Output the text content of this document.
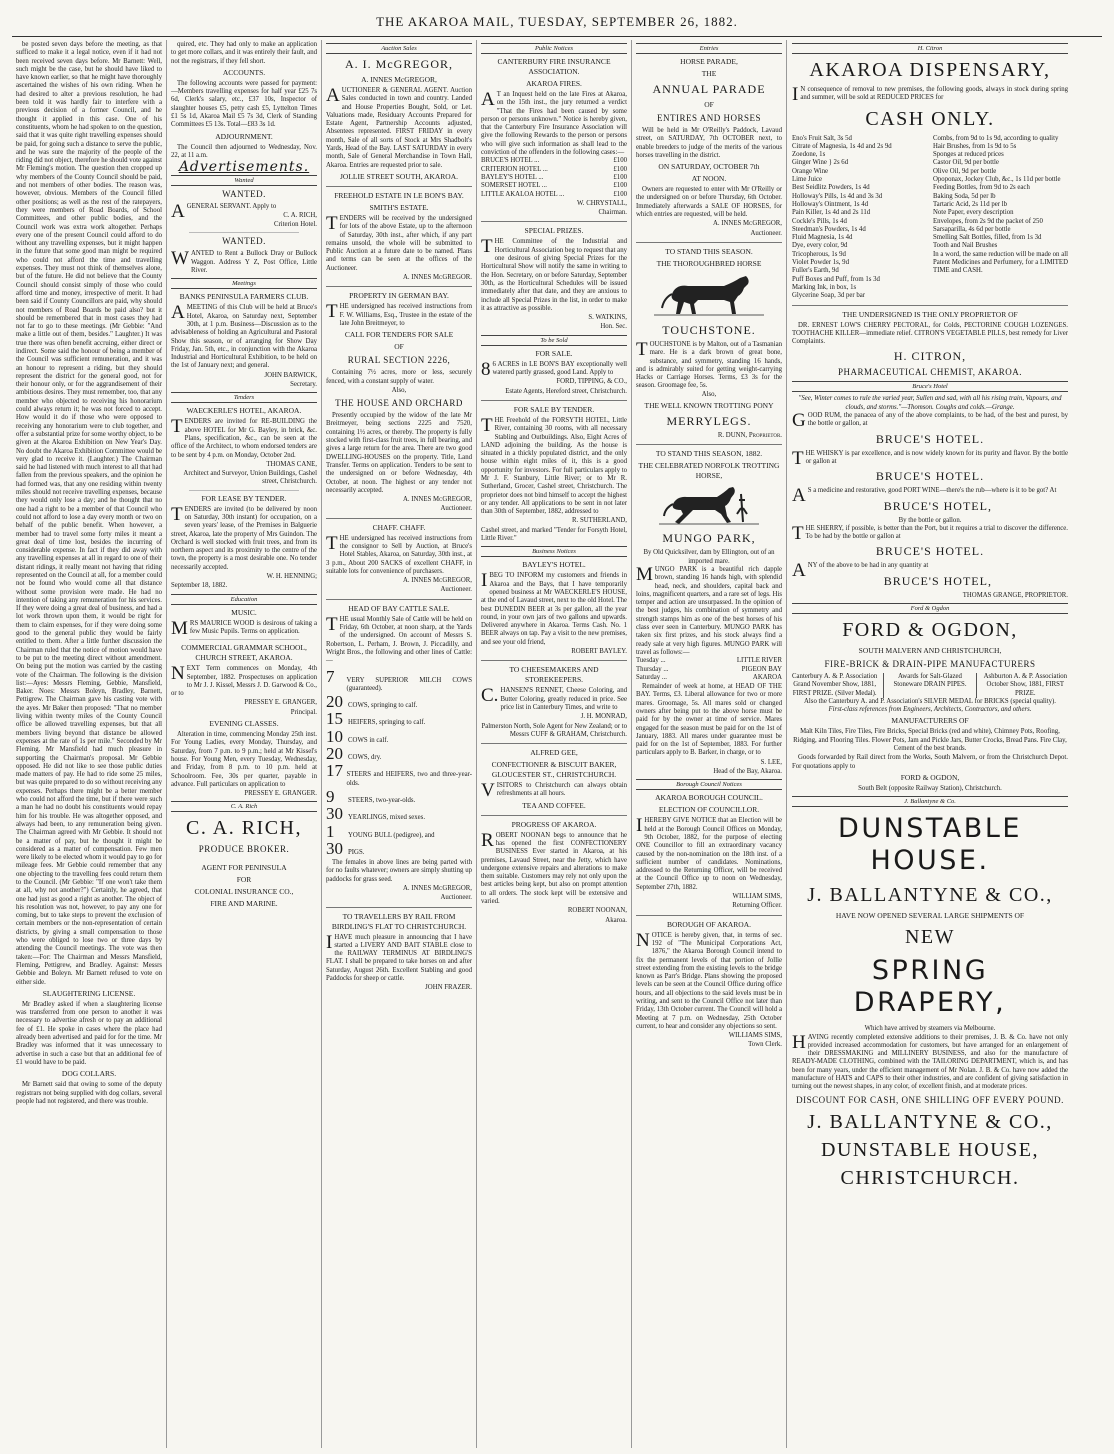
THE AKAROA MAIL, TUESDAY, SEPTEMBER 26, 1882.

be posted seven days before the meeting, as that sufficed to make it a legal notice, even if it had not been received seven days before. Mr Barnett: Well, such might be the case, but he should have liked to have known earlier, so that he might have thoroughly ascertained the wishes of his own riding. When he had desired to alter a previous resolution, he had been told it was hardly fair to interfere with a previous decision of a former Council, and he thought it applied in this case. One of his constituents, whom he had spoken to on the question, said that it was quite right travelling expenses should be paid, for going such a distance to serve the public, and he was sure the majority of the people of the riding did not object, therefore he should vote against Mr Fleming's motion. The question then cropped up why members of the County Council should be paid, and not members of other bodies. The reason was, however, obvious. Members of the Council filled other positions; as well as the rest of the ratepayers, they were members of Road Boards, of School Committees, and other public bodies, and the Council work was extra work altogether. Perhaps every one of the present Council could afford to do without any travelling expenses, but it might happen in the future that some good man might be required who could not afford the time and travelling expenses. They must not think of themselves alone, but of the future. He did not believe that the County Council should consist simply of those who could afford time and money, irrespective of merit. It had been said if County Councillors are paid, why should not members of Road Boards be paid also? but it should be remembered that in most cases they had not far to go to these meetings. (Mr Gebbie: "And make a little out of them, besides." Laughter.) It was true there was often benefit accruing, either direct or indirect. Some said the honour of being a member of the Council was sufficient remuneration, and it was an honour to represent a riding, but they should represent the district for the general good, not for their honour only, or for the aggrandisement of their ambitious desires. They must remember, too, that any member who objected to receiving his honorarium could always return it; he was not forced to accept. How would it do if those who were opposed to receiving any honorarium were to club together, and offer a substantial prize for some worthy object, to be given at the Akaroa Exhibition on New Year's Day. No doubt the Akaroa Exhibition Committee would be very glad to receive it. (Laughter.) The Chairman said he had listened with much interest to all that had fallen from the previous speakers, and the opinion he had formed was, that any one residing within twenty miles should not receive travelling expenses, because they would only lose a day; and he thought that no one had a right to be a member of that Council who could not afford to lose a day every month or two on behalf of the public benefit. When however, a member had to travel some forty miles it meant a great deal of time lost, besides the incurring of considerable expense. In fact if they did away with any travelling expenses at all in regard to one of their distant ridings, it really meant not having that riding represented on the Council at all, for a member could not be found who would come all that distance without some provision were made. He had no intention of taking any remuneration for his services. If they were doing a great deal of business, and had a lot work thrown upon them, it would be right for them to claim expenses, for if they were doing some good to the general public they would be fairly entitled to them. After a little further discussion the Chairman ruled that the notice of motion would have to be put to the meeting direct without amendment. On being put the motion was carried by the casting vote of the Chairman. The following is the division list:—Ayes: Messrs Fleming, Gebbie, Mansfield, Baker. Noes: Messrs Boleyn, Bradley, Barnett, Pettigrew. The Chairman gave his casting vote with the ayes. Mr Baker then proposed: "That no member living within twenty miles of the County Council office be allowed travelling expenses, but that all members living beyond that distance be allowed expenses at the rate of 1s per mile." Seconded by Mr Fleming. Mr Mansfield had much pleasure in supporting the Chairman's proposal. Mr Gebbie opposed. He did not like to see those public duties made matters of pay. He had to ride some 25 miles, but was quite prepared to do so without receiving any expenses. Perhaps there might be a better member who could not afford the time, but if there were such a man he had no doubt his constituents would repay him for his trouble. He was altogether opposed, and always had been, to any remuneration being given. The Chairman agreed with Mr Gebbie. It should not be a matter of pay, but he thought it might be considered as a matter of compensation. Few men were likely to be elected whom it would pay to go for mileage fees. Mr Gebbie could remember that any one objecting to the travelling fees could return them to the Council. (Mr Gebbie: "If one won't take them at all, why not another?") Certainly, he agreed, that one had just as good a right as another. The object of his resolution was not, however, to pay any one for coming, but to take steps to prevent the exclusion of certain members or the non-representation of certain districts, by giving a small compensation to those who were obliged to lose two or three days by attending the Council meetings. The vote was then taken:—For: The Chairman and Messrs Mansfield, Fleming, Pettigrew, and Bradley. Against: Messrs Gebbie and Boleyn. Mr Barnett refused to vote on either side.

SLAUGHTERING LICENSE.

Mr Bradley asked if when a slaughtering license was transferred from one person to another it was necessary to advertise afresh or to pay an additional fee of £1. He spoke in cases where the place had already been advertised and paid for for the time. Mr Bradley was informed that it was unnecessary to advertise in such a case but that an additional fee of £1 would have to be paid.

DOG COLLARS.

Mr Barnett said that owing to some of the deputy registrars not being supplied with dog collars, several people had not registered, and there was trouble.

quired, etc. They had only to make an application to get more collars, and it was entirely their fault, and not the registrars, if they fell short.

ACCOUNTS.

The following accounts were passed for payment:—Members travelling expenses for half year £25 7s 6d, Clerk's salary, etc., £37 10s, Inspector of slaughter houses £5, petty cash £5, Lyttelton Times £1 5s 1d, Akaroa Mail £5 7s 3d, Clerk of Standing Committees £5 13s. Total—£83 3s 1d.

ADJOURNMENT.

The Council then adjourned to Wednesday, Nov. 22, at 11 a.m.

Advertisements.
Wanted
WANTED.

AGENERAL SERVANT. Apply to

C. A. RICH,
Criterion Hotel.
WANTED.

WANTED to Rent a Bullock Dray or Bullock Waggon. Address Y Z, Post Office, Little River.

Meetings
BANKS PENINSULA FARMERS CLUB.

AMEETING of this Club will be held at Bruce's Hotel, Akaroa, on Saturday next, September 30th, at 1 p.m. Business—Discussion as to the advisableness of holding an Agricultural and Pastoral Show this season, or of arranging for Show Day Friday, Jan. 5th, etc., in conjunction with the Akaroa Industrial and Horticultural Exhibition, to be held on the 1st of January next; and general.

JOHN BARWICK,
Secretary.
Tenders
WAECKERLE'S HOTEL, AKAROA.

TENDERS are invited for RE-BUILDING the above HOTEL for Mr G. Bayley, in brick, &c. Plans, specification, &c., can be seen at the office of the Architect, to whom endorsed tenders are to be sent by 4 p.m. on Monday, October 2nd.

THOMAS CANE,
Architect and Surveyor, Union Buildings, Cashel street, Christchurch.
FOR LEASE BY TENDER.

TENDERS are invited (to be delivered by noon on Saturday, 30th instant) for occupation, on a seven years' lease, of the Premises in Balguerie street, Akaroa, late the property of Mrs Guindon. The Orchard is well stocked with fruit trees, and from its northern aspect and its proximity to the centre of the town, the property is a most desirable one. No tender necessarily accepted.

W. H. HENNING;
September 18, 1882.
Education
MUSIC.

MRS MAURICE WOOD is desirous of taking a few Music Pupils. Terms on application.

COMMERCIAL GRAMMAR SCHOOL, CHURCH STREET, AKAROA.

NEXT Term commences on Monday, 4th September, 1882. Prospectuses on application to Mr J. J. Kissel, Messrs J. D. Garwood & Co., or to

PRESSEY E. GRANGER,
Principal.
EVENING CLASSES.

Alteration in time, commencing Monday 25th inst. For Young Ladies, every Monday, Thursday, and Saturday, from 7 p.m. to 9 p.m.; held at Mr Kissel's house. For Young Men, every Tuesday, Wednesday, and Friday, from 8 p.m. to 10 p.m. held at Schoolroom. Fee, 30s per quarter, payable in advance. Full particulars on application to

PRESSEY E. GRANGER.
C. A. Rich
C. A. RICH,
PRODUCE BROKER.
AGENT FOR PENINSULA
FOR
COLONIAL INSURANCE CO.,
FIRE AND MARINE.
Auction Sales
A. I. McGREGOR,
A. INNES McGREGOR,

AUCTIONEER & GENERAL AGENT. Auction Sales conducted in town and country. Landed and House Properties Bought, Sold, or Let. Valuations made, Residuary Accounts Prepared for Estate Agent, Partnership Accounts adjusted, Absentees represented. FIRST FRIDAY in every month, Sale of all sorts of Stock at Mrs Shadbolt's Yards, Head of the Bay. LAST SATURDAY in every month, Sale of General Merchandise in Town Hall, Akaroa. Entries are requested prior to sale.

JOLLIE STREET SOUTH, AKAROA.
FREEHOLD ESTATE IN LE BON'S BAY.
SMITH'S ESTATE.

TENDERS will be received by the undersigned for lots of the above Estate, up to the afternoon of Saturday, 30th inst., after which, if any part remains unsold, the whole will be submitted to Public Auction at a future date to be named. Plans and terms can be seen at the offices of the Auctioneer.

A. INNES McGREGOR.
PROPERTY IN GERMAN BAY.

THE undersigned has received instructions from F. W. Williams, Esq., Trustee in the estate of the late John Breitmeyer, to

CALL FOR TENDERS FOR SALE
OF
RURAL SECTION 2226,

Containing 7½ acres, more or less, securely fenced, with a constant supply of water.

Also,
THE HOUSE AND ORCHARD

Presently occupied by the widow of the late Mr Breitmeyer, being sections 2225 and 7520, containing 1½ acres, or thereby. The property is fully stocked with first-class fruit trees, in full bearing, and gives a large return for the area. There are two good DWELLING-HOUSES on the property. Title, Land Transfer. Terms on application. Tenders to be sent to the undersigned on or before Wednesday, 4th October, at noon. The highest or any tender not necessarily accepted.

A. INNES McGREGOR,
Auctioneer.
CHAFF. CHAFF.

THE undersigned has received instructions from the consignor to Sell by Auction, at Bruce's Hotel Stables, Akaroa, on Saturday, 30th inst., at 3 p.m., About 200 SACKS of excellent CHAFF, in suitable lots for convenience of purchasers.

A. INNES McGREGOR,
Auctioneer.
HEAD OF BAY CATTLE SALE.

THE usual Monthly Sale of Cattle will be held on Friday, 6th October, at noon sharp, at the Yards of the undersigned. On account of Messrs S. Robertson, L. Perham, J. Brown, J. Piccadilly, and Wright Bros., the following and other lines of Cattle:—

7	VERY SUPERIOR MILCH COWS (guaranteed).
20 COWS, springing to calf.
15 HEIFERS, springing to calf.
10 COWS in calf.
20 COWS, dry.
17 STEERS and HEIFERS, two and three-year-olds.
9	STEERS, two-year-olds.
30 YEARLINGS, mixed sexes.
1	YOUNG BULL (pedigree), and
30 PIGS.

The females in above lines are being parted with for no faults whatever; owners are simply shutting up paddocks for grass seed.

A. INNES McGREGOR,
Auctioneer.
TO TRAVELLERS BY RAIL FROM BIRDLING'S FLAT TO CHRISTCHURCH.

IHAVE much pleasure in announcing that I have started a LIVERY AND BAIT STABLE close to the RAILWAY TERMINUS AT BIRDLING'S FLAT. I shall be prepared to take horses on and after Saturday, August 26th. Excellent Stabling and good Paddocks for sheep or cattle.

JOHN FRAZER.
Public Notices
CANTERBURY FIRE INSURANCE ASSOCIATION.
AKAROA FIRES.

AT an Inquest held on the late Fires at Akaroa, on the 15th inst., the jury returned a verdict "That the Fires had been caused by some person or persons unknown." Notice is hereby given, that the Canterbury Fire Insurance Association will give the following Rewards to the person or persons who will give such information as shall lead to the conviction of the offenders in the following cases:—

BRUCE'S HOTEL ...	£100
CRITERION HOTEL ...	£100
BAYLEY'S HOTEL ...	£100
SOMERSET HOTEL ...	£100
LITTLE AKALOA HOTEL ...	£100
W. CHRYSTALL,
Chairman.
SPECIAL PRIZES.

THE Committee of the Industrial and Horticultural Association beg to request that any one desirous of giving Special Prizes for the Horticultural Show will notify the same in writing to the Hon. Secretary, on or before Saturday, September 30th, as the Horticultural Schedules will be issued immediately after that date, and they are anxious to include all Special Prizes in the list, in order to make it as attractive as possible.

S. WATKINS,
Hon. Sec.
To be Sold
FOR SALE.

86 ACRES in LE BON'S BAY exceptionally well watered partly grassed, good Land. Apply to

FORD, TIPPING, & CO.,
Estate Agents, Hereford street, Christchurch.
FOR SALE BY TENDER.

THE Freehold of the FORSYTH HOTEL, Little River, containing 30 rooms, with all necessary Stabling and Outbuildings. Also, Eight Acres of LAND adjoining the building. As the house is situated in a thickly populated district, and the only house within eight miles of it, this is a good opportunity for investors. For full particulars apply to Mr J. F. Stanbury, Little River; or to Mr R. Sutherland, Grocer, Cashel street, Christchurch. The proprietor does not bind himself to accept the highest or any tender. All applications to be sent in not later than 30th of September, 1882, addressed to

R. SUTHERLAND,
Cashel street, and marked "Tender for Forsyth Hotel, Little River."
Business Notices
BAYLEY'S HOTEL.

IBEG TO INFORM my customers and friends in Akaroa and the Bays, that I have temporarily opened business at Mr WAECKERLE'S HOUSE, at the end of Lavaud street, next to the old Hotel. The best DUNEDIN BEER at 3s per gallon, all the year round, in your own jars of two gallons and upwards. Delivered anywhere in Akaroa. Terms Cash. No. 1 BEER always on tap. Pay a visit to the new premises, and see your old friend,

ROBERT BAYLEY.
TO CHEESEMAKERS AND STOREKEEPERS.

C.HANSEN'S RENNET, Cheese Coloring, and Butter Coloring, greatly reduced in price. See price list in Canterbury Times, and write to

J. H. MONRAD,
Palmerston North, Sole Agent for New Zealand; or to Messrs CUFF & GRAHAM, Christchurch.
ALFRED GEE,
CONFECTIONER & BISCUIT BAKER, GLOUCESTER ST., CHRISTCHURCH.

VISITORS to Christchurch can always obtain refreshments at all hours.

TEA AND COFFEE.
PROGRESS OF AKAROA.

ROBERT NOONAN begs to announce that he has opened the first CONFECTIONERY BUSINESS Ever started in Akaroa, at his premises, Lavaud Street, near the Jetty, which have undergone extensive repairs and alterations to make them suitable. Customers may rely not only upon the best articles being kept, but also on prompt attention to all orders. The stock kept will be extensive and varied.

ROBERT NOONAN,
Akaroa.
Entries
HORSE PARADE,
THE
ANNUAL PARADE
OF
ENTIRES AND HORSES

Will be held in Mr O'Reilly's Paddock, Lavaud street, on SATURDAY, 7th OCTOBER next, to enable breeders to judge of the merits of the various horses travelling in the district.

ON SATURDAY, OCTOBER 7th
AT NOON.

Owners are requested to enter with Mr O'Reilly or the undersigned on or before Thursday, 6th October. Immediately afterwards a SALE OF HORSES, for which entries are requested, will be held.

A. INNES McGREGOR,
Auctioneer.
TO STAND THIS SEASON.
THE THOROUGHBRED HORSE
TOUCHSTONE.

TOUCHSTONE is by Malton, out of a Tasmanian mare. He is a dark brown of great bone, substance, and symmetry, standing 16 hands, and is admirably suited for getting weight-carrying Hacks or Carriage Horses. Terms, £3 3s for the season. Groomage fee, 5s.

Also,
THE WELL KNOWN TROTTING PONY
MERRYLEGS.
R. DUNN, Proprietor.
TO STAND THIS SEASON, 1882.
THE CELEBRATED NORFOLK TROTTING HORSE,
MUNGO PARK,
By Old Quicksilver, dam by Ellington, out of an imported mare.

MUNGO PARK is a beautiful rich dapple brown, standing 16 hands high, with splendid head, neck, and shoulders, capital back and loins, magnificent quarters, and a rare set of legs. His temper and action are unsurpassed. In the opinion of the best judges, his combination of symmetry and strength stamps him as one of the best horses of his class ever seen in Canterbury. MUNGO PARK has taken six first prizes, and his stock always find a ready sale at very high figures. MUNGO PARK will travel as follows:—

Tuesday ...	LITTLE RIVER
Thursday ...	PIGEON BAY
Saturday ...	AKAROA

Remainder of week at home, at HEAD OF THE BAY. Terms, £3. Liberal allowance for two or more mares. Groomage, 5s. All mares sold or changed owners after being put to the above horse must be paid for by the owner at time of service. Mares engaged for the season must be paid for on the 1st of January, 1883. All mares under guarantee must be paid for on the 1st of September, 1883. For further particulars apply to B. Barker, in charge, or to

S. LEE,
Head of the Bay, Akaroa.
Borough Council Notices
AKAROA BOROUGH COUNCIL.
ELECTION OF COUNCILLOR.

IHEREBY GIVE NOTICE that an Election will be held at the Borough Council Offices on Monday, 9th October, 1882, for the purpose of electing ONE Councillor to fill an extraordinary vacancy caused by the non-nomination on the 18th inst. of a sufficient number of candidates. Nominations, addressed to the Returning Officer, will be received at the Council Office up to noon on Wednesday, September 27th, 1882.

WILLIAM SIMS,
Returning Officer.
BOROUGH OF AKAROA.

NOTICE is hereby given, that, in terms of sec. 192 of "The Municipal Corporations Act, 1876," the Akaroa Borough Council intend to fix the permanent levels of that portion of Jollie street extending from the existing levels to the bridge known as Parr's Bridge. Plans showing the proposed levels can be seen at the Council Office during office hours, and all objections to the said levels must be in writing, and sent to the Council Office not later than Friday, 13th October current. The Council will hold a Meeting at 7 p.m. on Wednesday, 25th October current, to hear and consider any objections so sent.

WILLIAMS SIMS,
Town Clerk.
H. Citron
AKAROA DISPENSARY,

IN consequence of removal to new premises, the following goods, always in stock during spring and summer, will be sold at REDUCED PRICES for

CASH ONLY.
Eno's Fruit Salt, 3s 5d
Citrate of Magnesia, 1s 4d and 2s 9d
Zoedone, 1s
Ginger Wine } 2s 6d
Orange Wine
Lime Juice
Best Seidlitz Powders, 1s 4d
Holloway's Pills, 1s 4d and 3s 3d
Holloway's Ointment, 1s 4d
Pain Killer, 1s 4d and 2s 11d
Cockle's Pills, 1s 4d
Steedman's Powders, 1s 4d
Fluid Magnesia, 1s 4d
Dye, every color, 9d
Tricopherous, 1s 9d
Violet Powder 1s, 9d
Fuller's Earth, 9d
Puff Boxes and Puff, from 1s 3d
Marking Ink, in box, 1s
Glycerine Soap, 3d per bar
Combs, from 9d to 1s 9d, according to quality
Hair Brushes, from 1s 9d to 5s
Sponges at reduced prices
Castor Oil, 9d per bottle
Olive Oil, 9d per bottle
Opoponax, Jockey Club, &c., 1s 11d per bottle
Feeding Bottles, from 9d to 2s each
Baking Soda, 5d per lb
Tartaric Acid, 2s 11d per lb
Note Paper, every description
Envelopes, from 2s 9d the packet of 250
Sarsaparilla, 4s 6d per bottle
Smelling Salt Bottles, filled, from 1s 3d
Tooth and Nail Brushes
In a word, the same reduction will be made on all Patent Medicines and Perfumery, for a LIMITED TIME and CASH.
THE UNDERSIGNED IS THE ONLY PROPRIETOR OF

DR. ERNEST LOW'S CHERRY PECTORAL, for Colds, PECTORINE COUGH LOZENGES. TOOTHACHE KILLER—immediate relief. CITRON'S VEGETABLE PILLS, best remedy for Liver Complaints.

H. CITRON,
PHARMACEUTICAL CHEMIST, AKAROA.
Bruce's Hotel

"See, Winter comes to rule the varied year, Sullen and sad, with all his rising train, Vapours, and clouds, and storms."—Thomson. Coughs and colds.—Grange.

GOOD RUM, the panacea of any of the above complaints, to be had, of the best and purest, by the bottle or gallon, at

BRUCE'S HOTEL.

THE WHISKY is par excellence, and is now widely known for its purity and flavor. By the bottle or gallon at

BRUCE'S HOTEL.

AS a medicine and restorative, good PORT WINE—there's the rub—where is it to be got? At

BRUCE'S HOTEL,
By the bottle or gallon.

THE SHERRY, if possible, is better than the Port, but it requires a trial to discover the difference. To be had by the bottle or gallon at

BRUCE'S HOTEL.

ANY of the above to be had in any quantity at

BRUCE'S HOTEL,
THOMAS GRANGE, PROPRIETOR.
Ford & Ogdon
FORD & OGDON,
SOUTH MALVERN AND CHRISTCHURCH,
FIRE-BRICK & DRAIN-PIPE MANUFACTURERS
Canterbury A. & P. Association Grand November Show, 1881, FIRST PRIZE. (Silver Medal).
Awards for Salt-Glazed Stoneware DRAIN PIPES.
Ashburton A. & P. Association October Show, 1881, FIRST PRIZE.
Also the Canterbury A. and P. Association's SILVER MEDAL for BRICKS (special quality).
First-class references from Engineers, Architects, Contractors, and others.
MANUFACTURERS OF
Malt Kiln Tiles, Fire Tiles, Fire Bricks, Special Bricks (red and white), Chimney Pots, Roofing, Ridging, and Flooring Tiles. Flower Pots, Jam and Pickle Jars, Butter Crocks, Bread Pans. Fire Clay, Cement of the best brands.

Goods forwarded by Rail direct from the Works, South Malvern, or from the Christchurch Depot. For quotations apply to

FORD & OGDON,
South Belt (opposite Railway Station), Christchurch.
J. Ballantyne & Co.
DUNSTABLE HOUSE.
J. BALLANTYNE & CO.,
HAVE NOW OPENED SEVERAL LARGE SHIPMENTS OF
NEW
SPRING DRAPERY,
Which have arrived by steamers via Melbourne.

HAVING recently completed extensive additions to their premises, J. B. & Co. have not only provided increased accommodation for customers, but have arranged for an enlargement of their DRESSMAKING and MILLINERY BUSINESS, and also for the manufacture of READY-MADE CLOTHING, combined with the TAILORING DEPARTMENT, which is, and has been for many years, under the efficient management of Mr Nolan. J. B. & Co. have now added the manufacture of HATS and CAPS to their other industries, and are confident of giving satisfaction in turning out the newest shapes, in any color, of excellent finish, and at moderate prices.

DISCOUNT FOR CASH, ONE SHILLING OFF EVERY POUND.
J. BALLANTYNE & CO.,
DUNSTABLE HOUSE,
CHRISTCHURCH.
